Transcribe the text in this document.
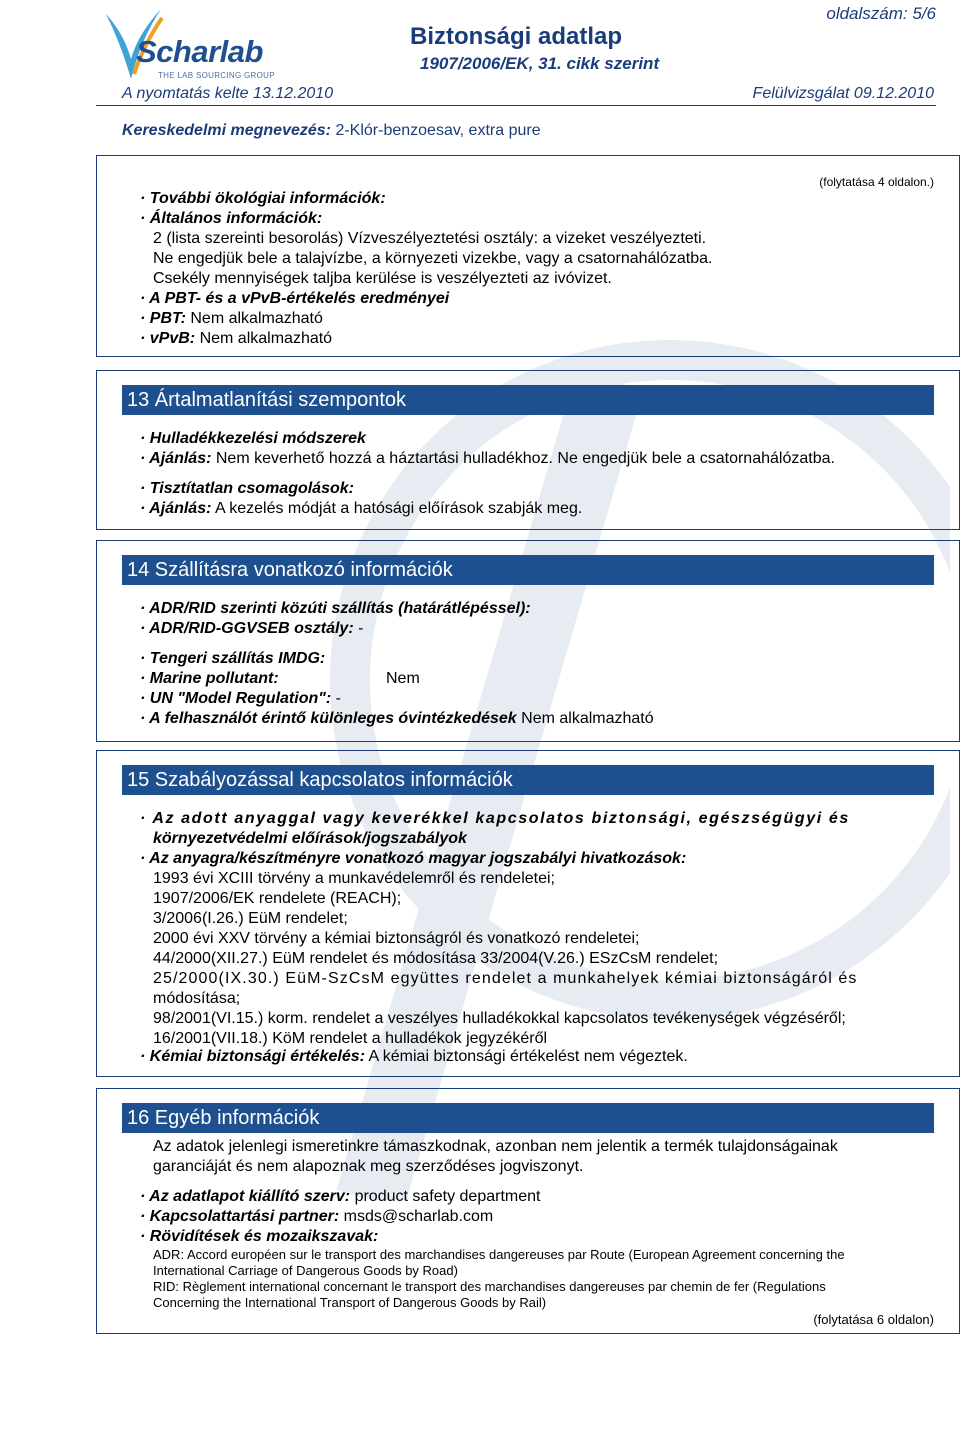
Scharlab
THE LAB SOURCING GROUP
Biztonsági adatlap
1907/2006/EK, 31. cikk szerint
oldalszám: 5/6
A nyomtatás kelte 13.12.2010	Felülvizsgálat 09.12.2010
Kereskedelmi megnevezés: 2-Klór-benzoesav, extra pure
(folytatása 4 oldalon.)
· További ökológiai információk:
· Általános információk:
2 (lista szereinti besorolás) Vízveszélyeztetési osztály: a vizeket veszélyezteti.
Ne engedjük bele a talajvízbe, a környezeti vizekbe, vagy a csatornahálózatba.
Csekély mennyiségek taljba kerülése is veszélyezteti az ivóvizet.
· A PBT- és a vPvB-értékelés eredményei
· PBT: Nem alkalmazható
· vPvB: Nem alkalmazható
13 Ártalmatlanítási szempontok
· Hulladékkezelési módszerek
· Ajánlás: Nem keverhető hozzá a háztartási hulladékhoz. Ne engedjük bele a csatornahálózatba.
· Tisztítatlan csomagolások:
· Ajánlás: A kezelés módját a hatósági előírások szabják meg.
14 Szállításra vonatkozó információk
· ADR/RID szerinti közúti szállítás (határátlépéssel):
· ADR/RID-GGVSEB osztály: -
· Tengeri szállítás IMDG:
· Marine pollutant:	Nem
· UN "Model Regulation": -
· A felhasználót érintő különleges óvintézkedések Nem alkalmazható
15 Szabályozással kapcsolatos információk
· Az adott anyaggal vagy keverékkel kapcsolatos biztonsági, egészségügyi és
környezetvédelmi előírások/jogszabályok
· Az anyagra/készítményre vonatkozó magyar jogszabályi hivatkozások:
1993 évi XCIII törvény a munkavédelemről és rendeletei;
1907/2006/EK rendelete (REACH);
3/2006(I.26.) EüM rendelet;
2000 évi XXV törvény a kémiai biztonságról és vonatkozó rendeletei;
44/2000(XII.27.) EüM rendelet és módosítása 33/2004(V.26.) ESzCsM rendelet;
25/2000(IX.30.) EüM-SzCsM együttes rendelet a munkahelyek kémiai biztonságáról és
módosítása;
98/2001(VI.15.) korm. rendelet a veszélyes hulladékokkal kapcsolatos tevékenységek végzéséről;
16/2001(VII.18.) KöM rendelet a hulladékok jegyzékéről
· Kémiai biztonsági értékelés: A kémiai biztonsági értékelést nem végeztek.
16 Egyéb információk
Az adatok jelenlegi ismeretinkre támaszkodnak, azonban nem jelentik a termék tulajdonságainak
garanciáját és nem alapoznak meg szerződéses jogviszonyt.
· Az adatlapot kiállító szerv: product safety department
· Kapcsolattartási partner: msds@scharlab.com
· Rövidítések és mozaikszavak:
ADR: Accord européen sur le transport des marchandises dangereuses par Route (European Agreement concerning the
International Carriage of Dangerous Goods by Road)
RID: Règlement international concernant le transport des marchandises dangereuses par chemin de fer (Regulations
Concerning the International Transport of Dangerous Goods by Rail)
(folytatása 6 oldalon)
